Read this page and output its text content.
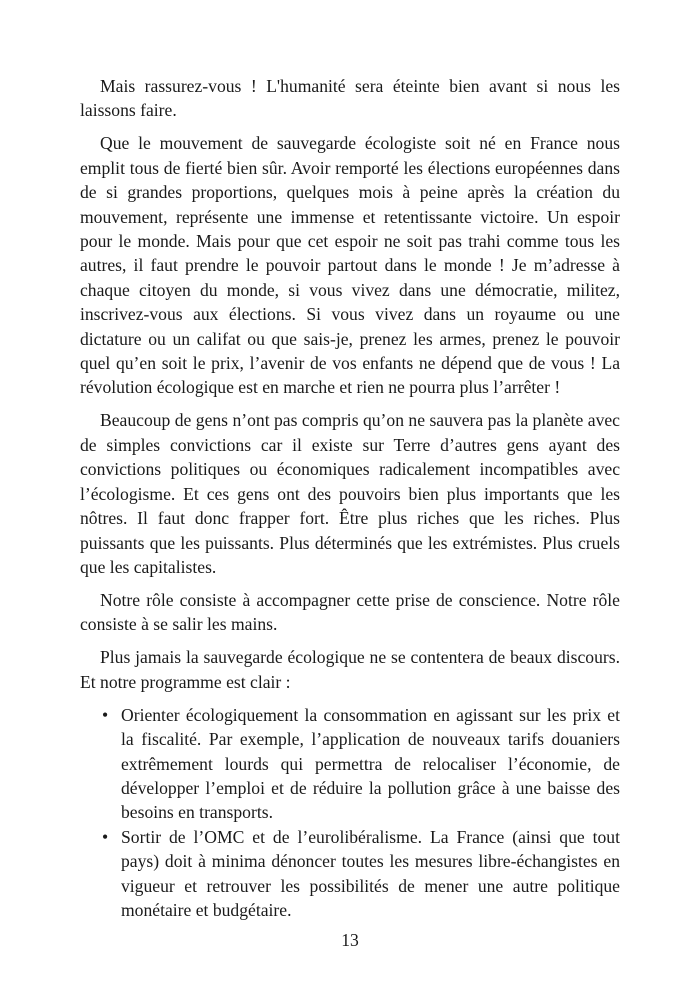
Mais rassurez-vous ! L'humanité sera éteinte bien avant si nous les laissons faire.

Que le mouvement de sauvegarde écologiste soit né en France nous emplit tous de fierté bien sûr. Avoir remporté les élections européennes dans de si grandes proportions, quelques mois à peine après la création du mouvement, représente une immense et retentissante victoire. Un espoir pour le monde. Mais pour que cet espoir ne soit pas trahi comme tous les autres, il faut prendre le pouvoir partout dans le monde ! Je m’adresse à chaque citoyen du monde, si vous vivez dans une démocratie, militez, inscrivez-vous aux élections. Si vous vivez dans un royaume ou une dictature ou un califat ou que sais-je, prenez les armes, prenez le pouvoir quel qu’en soit le prix, l’avenir de vos enfants ne dépend que de vous ! La révolution écologique est en marche et rien ne pourra plus l’arrêter !

Beaucoup de gens n’ont pas compris qu’on ne sauvera pas la planète avec de simples convictions car il existe sur Terre d’autres gens ayant des convictions politiques ou économiques radicalement incompatibles avec l’écologisme. Et ces gens ont des pouvoirs bien plus importants que les nôtres. Il faut donc frapper fort. Être plus riches que les riches. Plus puissants que les puissants. Plus déterminés que les extrémistes. Plus cruels que les capitalistes.

Notre rôle consiste à accompagner cette prise de conscience. Notre rôle consiste à se salir les mains.

Plus jamais la sauvegarde écologique ne se contentera de beaux discours. Et notre programme est clair :

• Orienter écologiquement la consommation en agissant sur les prix et la fiscalité. Par exemple, l’application de nouveaux tarifs douaniers extrêmement lourds qui permettra de relocaliser l’économie, de développer l’emploi et de réduire la pollution grâce à une baisse des besoins en transports.
• Sortir de l’OMC et de l’eurolibéralisme. La France (ainsi que tout pays) doit à minima dénoncer toutes les mesures libre-échangistes en vigueur et retrouver les possibilités de mener une autre politique monétaire et budgétaire.
13
